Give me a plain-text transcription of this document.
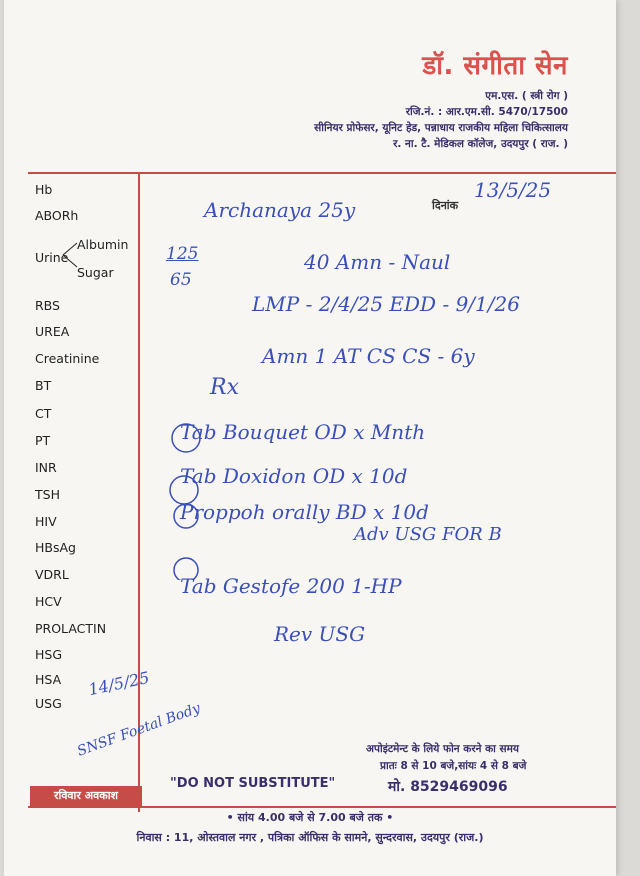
डॉ. संगीता सेन
एम.एस. ( स्त्री रोग )
रजि.नं. : आर.एम.सी. 5470/17500
सीनियर प्रोफेसर, यूनिट हेड, पन्नाधाय राजकीय महिला चिकित्सालय
र. ना. टै. मेडिकल कॉलेज, उदयपुर ( राज. )
Hb
ABORh
Urine
Albumin
Sugar
RBS
UREA
Creatinine
BT
CT
PT
INR
TSH
HIV
HBsAg
VDRL
HCV
PROLACTIN
HSG
HSA
USG
दिनांक
13/5/25
Archanaya 25y
125
65
40 Amn - Naul
LMP - 2/4/25 EDD - 9/1/26
Amn 1 AT CS CS - 6y
Rx
Tab Bouquet OD x Mnth
Tab Doxidon OD x 10d
Proppoh orally BD x 10d
Adv USG FOR B
Tab Gestofe 200 1-HP
Rev USG
14/5/25
SNSF Foetal Body
रविवार अवकाश
"DO NOT SUBSTITUTE"
अपोइंटमेन्ट के लिये फोन करने का समय
प्रातः 8 से 10 बजे,सांयः 4 से 8 बजे
मो. 8529469096
• सांय 4.00 बजे से 7.00 बजे तक •
निवास : 11, ओस्तवाल नगर , पत्रिका ऑफिस के सामने, सुन्दरवास, उदयपुर (राज.)
